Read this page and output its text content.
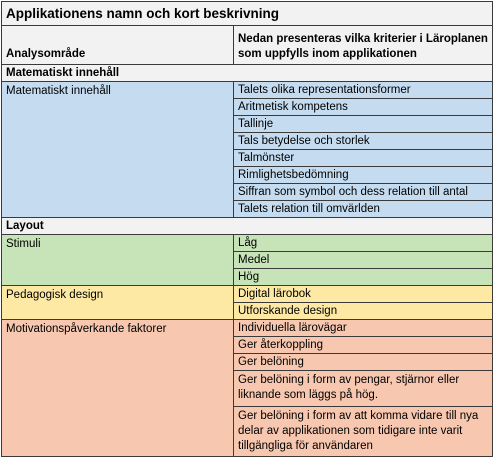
Applikationens namn och kort beskrivning	
Analysområde	Nedan presenteras vilka kriterier i Läroplanen som uppfylls inom applikationen
Matematiskt innehåll	
Matematiskt innehåll	Talets olika representationsformer
	Aritmetisk kompetens
	Tallinje
	Tals betydelse och storlek
	Talmönster
	Rimlighetsbedömning
	Siffran som symbol och dess relation till antal
	Talets relation till omvärlden
Layout	
Stimuli	Låg
	Medel
	Hög
Pedagogisk design	Digital lärobok
	Utforskande design
Motivationspåverkande faktorer	Individuella lärovägar
	Ger återkoppling
	Ger belöning
	Ger belöning i form av pengar, stjärnor eller liknande som läggs på hög.
	Ger belöning i form av att komma vidare till nya delar av applikationen som tidigare inte varit tillgängliga för användaren
